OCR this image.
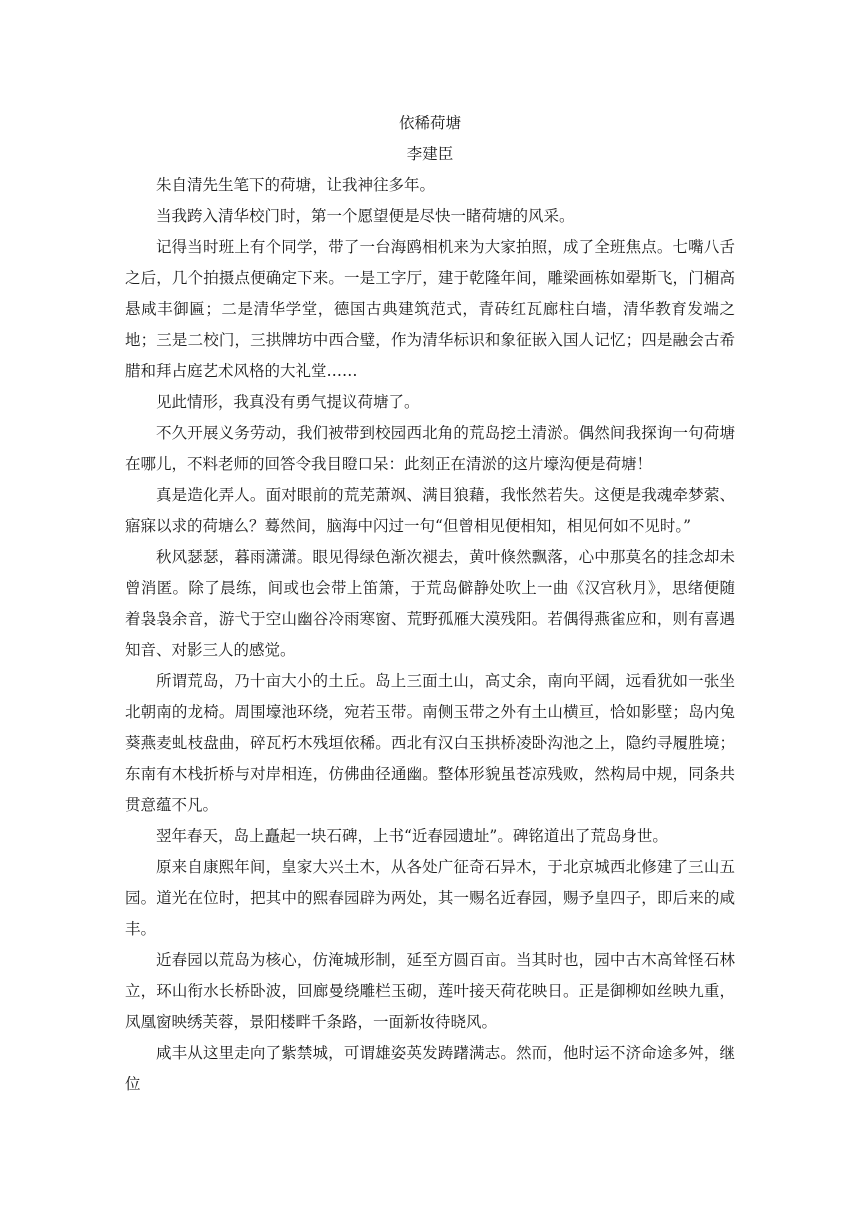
依稀荷塘

李建臣

朱自清先生笔下的荷塘，让我神往多年。

当我跨入清华校门时，第一个愿望便是尽快一睹荷塘的风采。

记得当时班上有个同学，带了一台海鸥相机来为大家拍照，成了全班焦点。七嘴八舌之后，几个拍摄点便确定下来。一是工字厅，建于乾隆年间，雕梁画栋如翚斯飞，门楣高悬咸丰御匾；二是清华学堂，德国古典建筑范式，青砖红瓦廊柱白墙，清华教育发端之地；三是二校门，三拱牌坊中西合璧，作为清华标识和象征嵌入国人记忆；四是融会古希腊和拜占庭艺术风格的大礼堂……

见此情形，我真没有勇气提议荷塘了。

不久开展义务劳动，我们被带到校园西北角的荒岛挖土清淤。偶然间我探询一句荷塘在哪儿，不料老师的回答令我目瞪口呆：此刻正在清淤的这片壕沟便是荷塘！

真是造化弄人。面对眼前的荒芜萧飒、满目狼藉，我怅然若失。这便是我魂牵梦萦、寤寐以求的荷塘么？蓦然间，脑海中闪过一句“但曾相见便相知，相见何如不见时。”

秋风瑟瑟，暮雨潇潇。眼见得绿色渐次褪去，黄叶倏然飘落，心中那莫名的挂念却未曾消匿。除了晨练，间或也会带上笛箫，于荒岛僻静处吹上一曲《汉宫秋月》，思绪便随着袅袅余音，游弋于空山幽谷冷雨寒窗、荒野孤雁大漠残阳。若偶得燕雀应和，则有喜遇知音、对影三人的感觉。

所谓荒岛，乃十亩大小的土丘。岛上三面土山，高丈余，南向平阔，远看犹如一张坐北朝南的龙椅。周围壕池环绕，宛若玉带。南侧玉带之外有土山横亘，恰如影壁；岛内兔葵燕麦虬枝盘曲，碎瓦朽木残垣依稀。西北有汉白玉拱桥凌卧沟池之上，隐约寻履胜境；东南有木栈折桥与对岸相连，仿佛曲径通幽。整体形貌虽苍凉残败，然构局中规，同条共贯意蕴不凡。

翌年春天，岛上矗起一块石碑，上书“近春园遗址”。碑铭道出了荒岛身世。

原来自康熙年间，皇家大兴土木，从各处广征奇石异木，于北京城西北修建了三山五园。道光在位时，把其中的熙春园辟为两处，其一赐名近春园，赐予皇四子，即后来的咸丰。

近春园以荒岛为核心，仿淹城形制，延至方圆百亩。当其时也，园中古木高耸怪石林立，环山衔水长桥卧波，回廊曼绕雕栏玉砌，莲叶接天荷花映日。正是御柳如丝映九重，凤凰窗映绣芙蓉，景阳楼畔千条路，一面新妆待晓风。

咸丰从这里走向了紫禁城，可谓雄姿英发踌躇满志。然而，他时运不济命途多舛，继位
